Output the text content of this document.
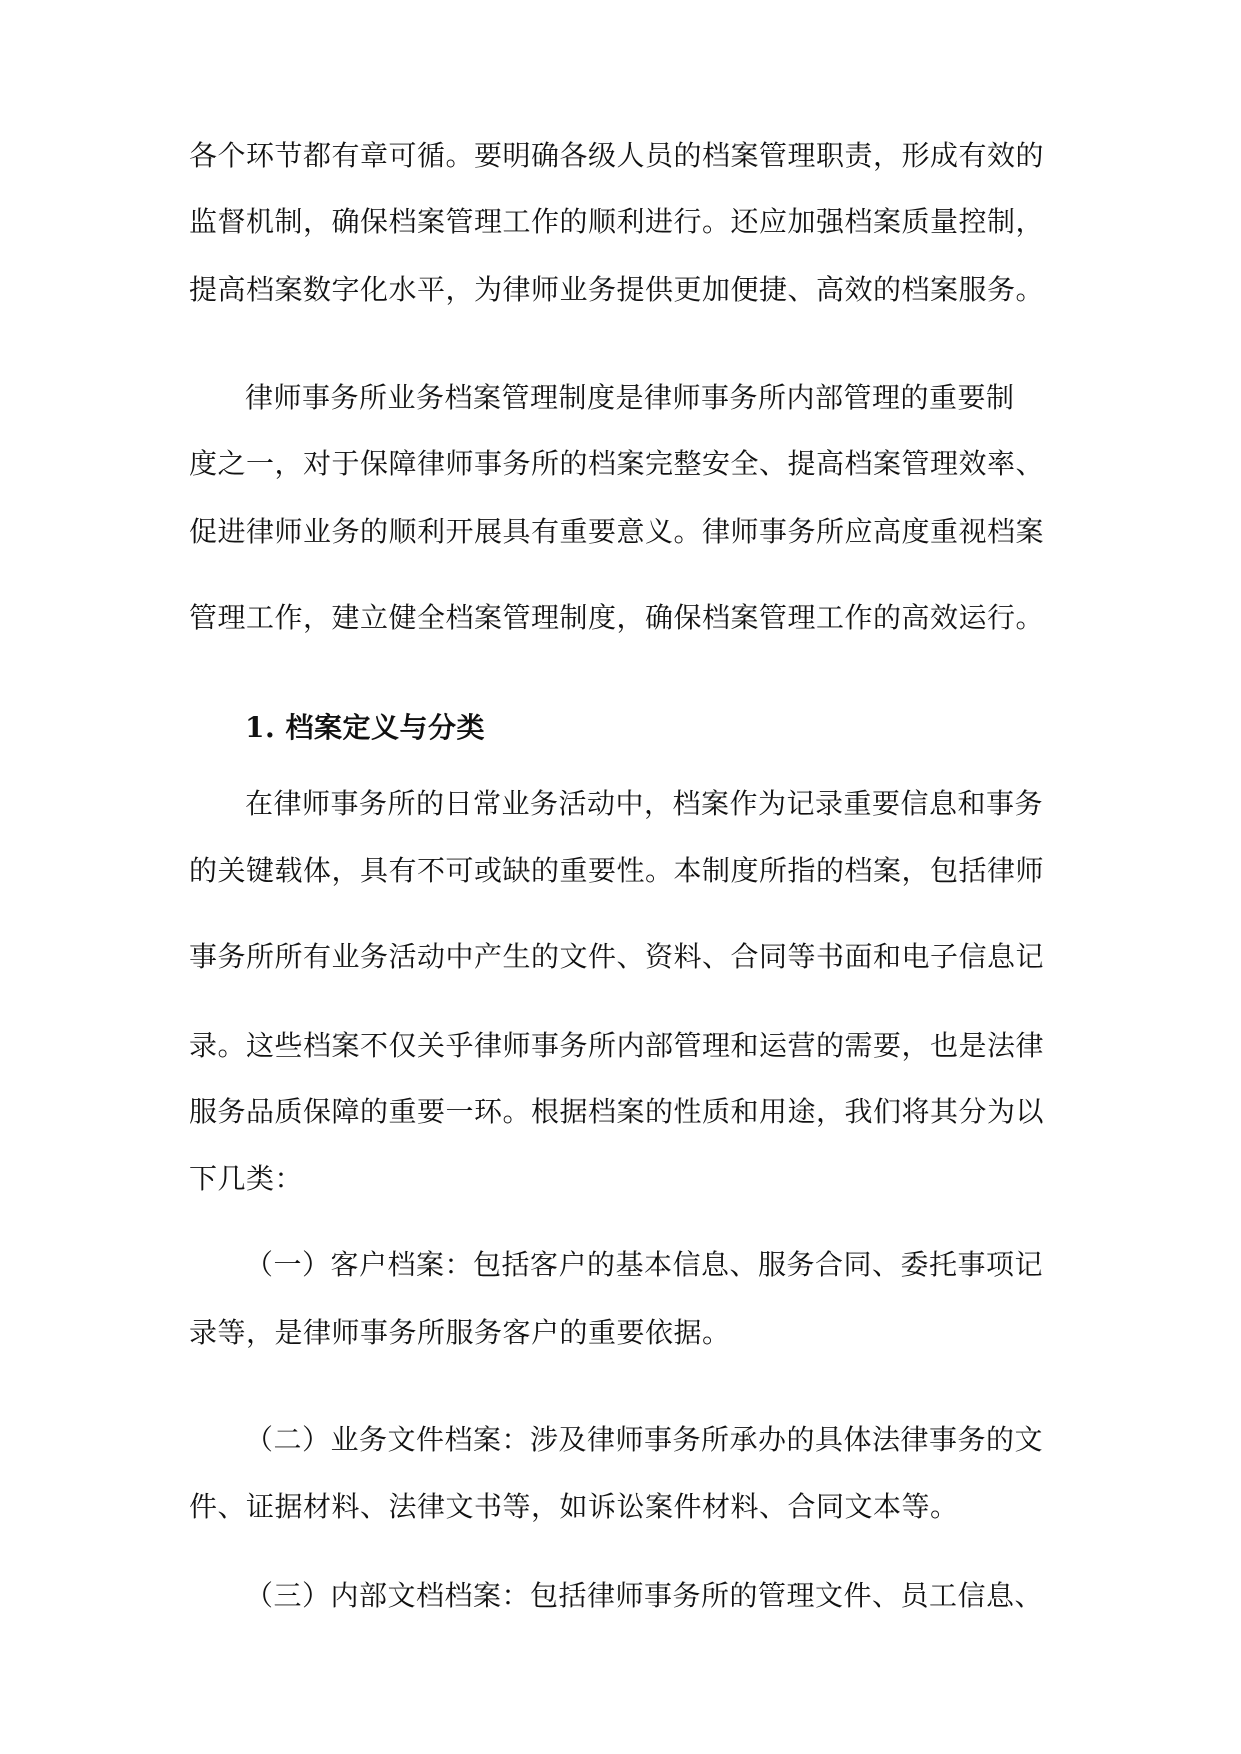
各个环节都有章可循。要明确各级人员的档案管理职责，形成有效的
监督机制，确保档案管理工作的顺利进行。还应加强档案质量控制，
提高档案数字化水平，为律师业务提供更加便捷、高效的档案服务。
律师事务所业务档案管理制度是律师事务所内部管理的重要制
度之一，对于保障律师事务所的档案完整安全、提高档案管理效率、
促进律师业务的顺利开展具有重要意义。律师事务所应高度重视档案
管理工作，建立健全档案管理制度，确保档案管理工作的高效运行。
1. 档案定义与分类
在律师事务所的日常业务活动中，档案作为记录重要信息和事务
的关键载体，具有不可或缺的重要性。本制度所指的档案，包括律师
事务所所有业务活动中产生的文件、资料、合同等书面和电子信息记
录。这些档案不仅关乎律师事务所内部管理和运营的需要，也是法律
服务品质保障的重要一环。根据档案的性质和用途，我们将其分为以
下几类：
（一）客户档案：包括客户的基本信息、服务合同、委托事项记
录等，是律师事务所服务客户的重要依据。
（二）业务文件档案：涉及律师事务所承办的具体法律事务的文
件、证据材料、法律文书等，如诉讼案件材料、合同文本等。
（三）内部文档档案：包括律师事务所的管理文件、员工信息、
